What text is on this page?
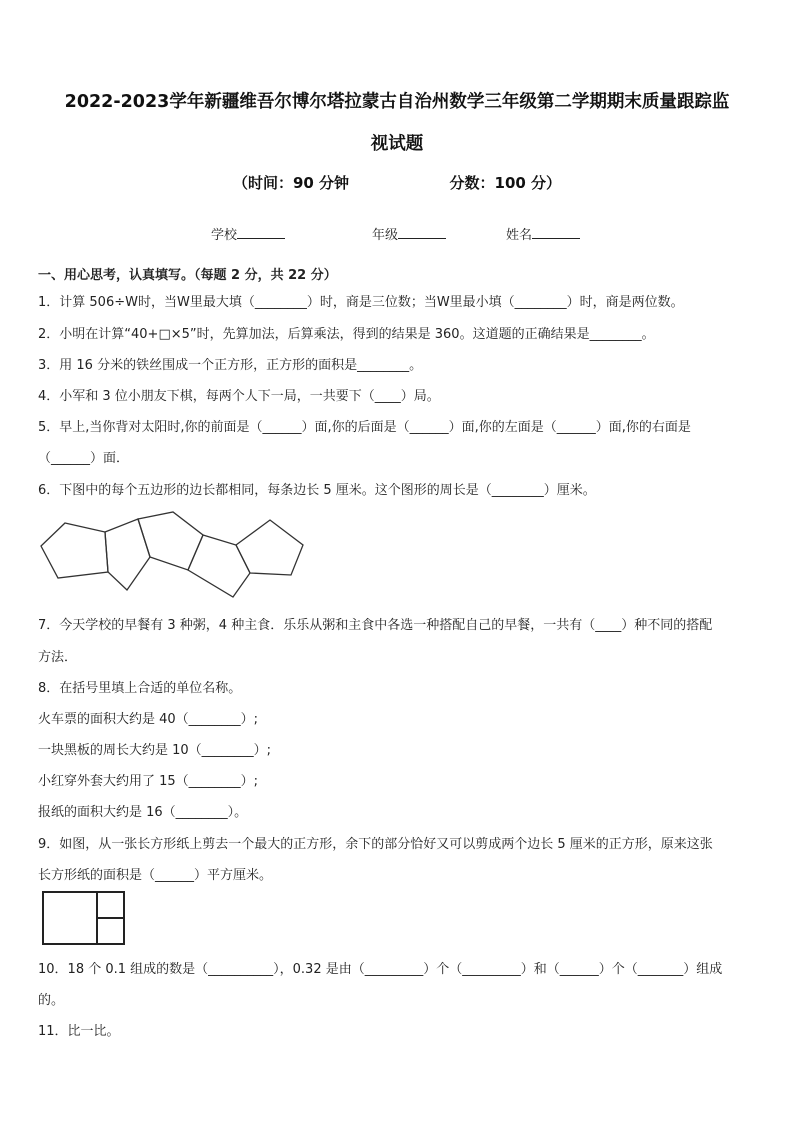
2022-2023学年新疆维吾尔博尔塔拉蒙古自治州数学三年级第二学期期末质量跟踪监
视试题
（时间：90 分钟	分数：100 分）
学校	年级	姓名
一、用心思考，认真填写。（每题 2 分，共 22 分）
1．计算 506÷W时，当W里最大填（________）时，商是三位数；当W里最小填（________）时，商是两位数。
2．小明在计算“40+□×5”时，先算加法，后算乘法，得到的结果是 360。这道题的正确结果是________。
3．用 16 分米的铁丝围成一个正方形，正方形的面积是________。
4．小军和 3 位小朋友下棋，每两个人下一局，一共要下（____）局。
5．早上,当你背对太阳时,你的前面是（______）面,你的后面是（______）面,你的左面是（______）面,你的右面是
（______）面．
6．下图中的每个五边形的边长都相同，每条边长 5 厘米。这个图形的周长是（________）厘米。
7．今天学校的早餐有 3 种粥，4 种主食．乐乐从粥和主食中各选一种搭配自己的早餐，一共有（____）种不同的搭配
方法．
8．在括号里填上合适的单位名称。
火车票的面积大约是 40（________）;
一块黑板的周长大约是 10（________）;
小红穿外套大约用了 15（________）;
报纸的面积大约是 16（________）。
9．如图，从一张长方形纸上剪去一个最大的正方形，余下的部分恰好又可以剪成两个边长 5 厘米的正方形，原来这张
长方形纸的面积是（______）平方厘米。
10．18 个 0.1 组成的数是（__________），0.32 是由（_________）个（_________）和（______）个（_______）组成
的。
11．比一比。
